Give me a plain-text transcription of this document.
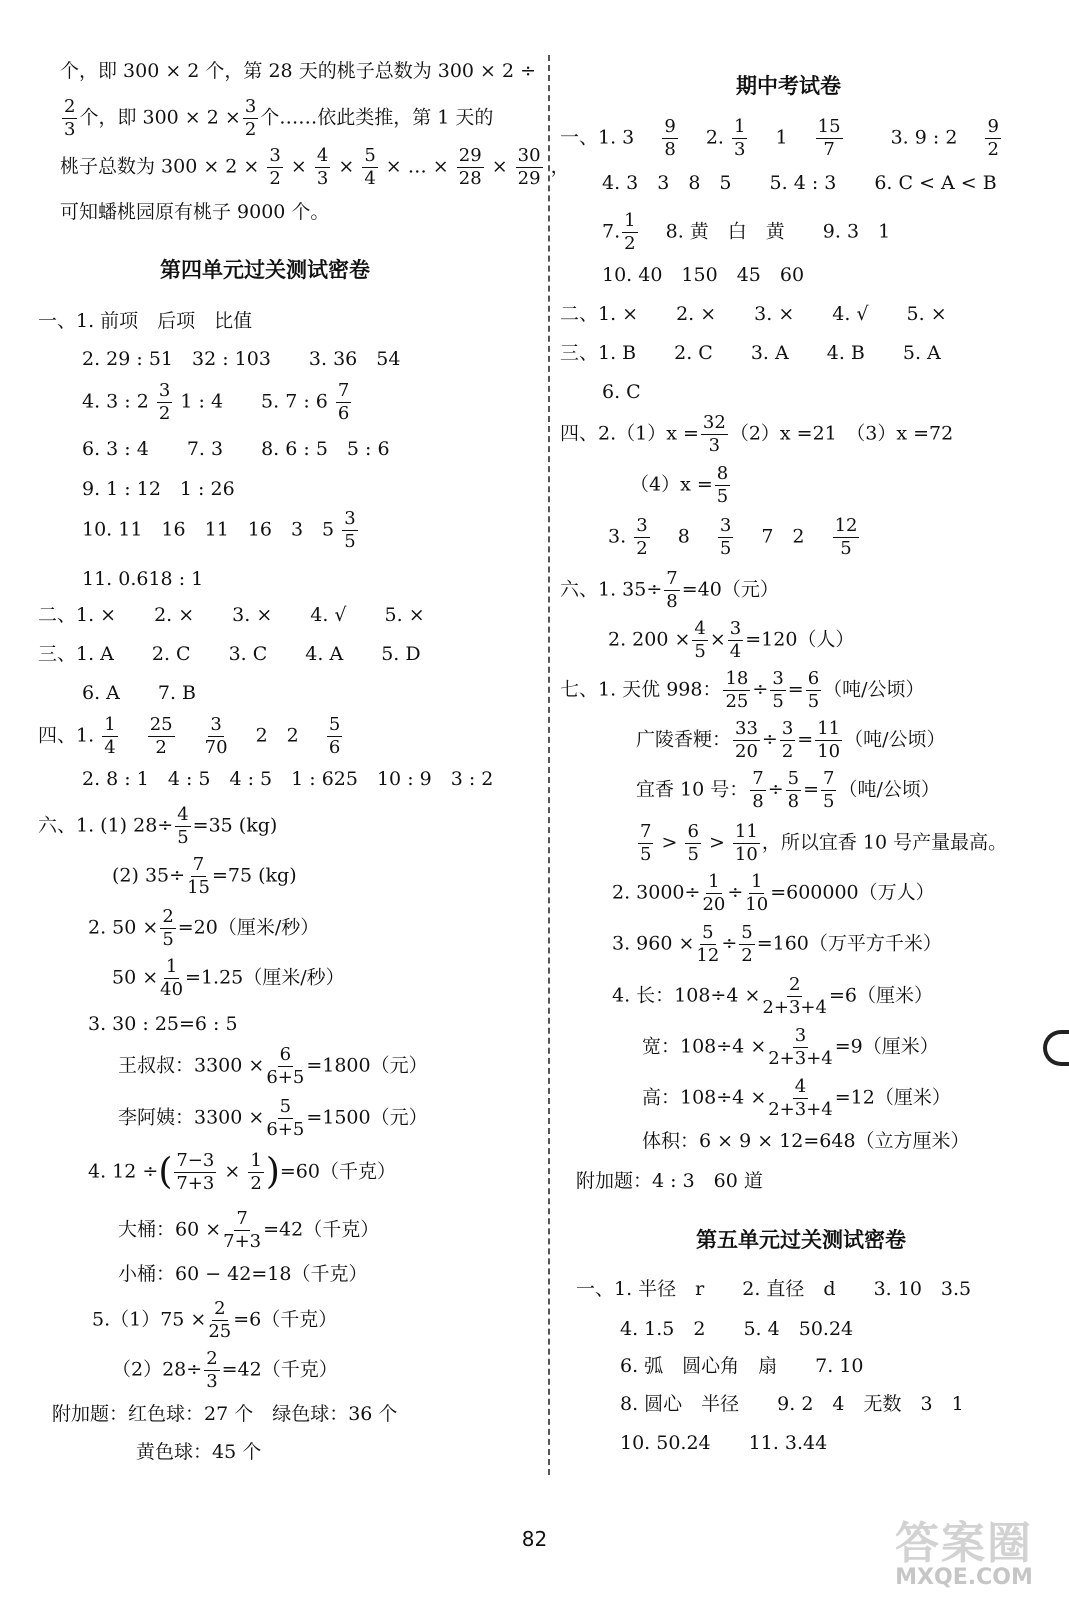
个，即 300 × 2 个，第 28 天的桃子总数为 300 × 2 ÷
$\frac{2}{3}$ 个，即 $300 \times 2 \times \frac{3}{2}$ 个……依此类推，第 1 天的
桃子总数为 $300 \times 2 \times \frac{3}{2} \times \frac{4}{3} \times \frac{5}{4}$ × … × $\frac{29}{28} \times \frac{30}{29}$ ，
可知蟠桃园原有桃子 9000 个。
第四单元过关测试密卷
一、1. 前项　后项　比值
2. 29 : 51　32 : 103　　3. 36　54
4. 3 : $2 \frac{3}{2} 1$ : 4　　5. 7 : $6 \frac{7}{6}$
6. 3 : 4　　7. 3　　8. 6 : 5　5 : 6
9. 1 : 12　1 : 26
10. 11　16　11　16　3　$5 \frac{3}{5}$
11. 0.618 : 1
二、1. ×　　2. ×　　3. ×　　4. √　　5. ×
三、1. A　　2. C　　3. C　　4. A　　5. D
6. A　　7. B
四、1. $\frac{1}{4}$
$\frac{25}{2}$
$\frac{3}{70} 2$　$2 \frac{5}{6}$
2. 8 : 1　4 : 5　4 : 5　1 : 625　10 : 9　3 : 2
六、1. (1) $28\div \frac{4}{5} =35$ (kg)
(2) $35\div \frac{7}{15} =75$ (kg)
2. $50 \times \frac{2}{5} =20$（厘米/秒）
$50 \times \frac{1}{40} =1.25$（厘米/秒）
3. 30 : 25=6 : 5
王叔叔：$3300 \times \frac{6}{6+5} =1800$（元）
李阿姨：$3300 \times \frac{5}{6+5} =1500$（元）
4. 12 ÷( $\frac{7-3}{7+3} \times \frac{1}{2} )=60$（千克）
大桶：$60 \times \frac{7}{7+3} =42$（千克）
小桶：60 − 42=18（千克）
$5.(1)75 \times \frac{2}{25} =6$（千克）
$(2)28\div \frac{2}{3} =42$（千克）
附加题：红色球：27 个　绿色球：36 个
黄色球：45 个
期中考试卷
一、1. $3 \frac{9}{8} 2$. $\frac{1}{3} 1 \frac{15}{7}$	3. 9 : $2 \frac{9}{2}$
4. 3　3　8　5　　5. 4 : 3　　6. C < A < B
7. $\frac{1}{2} 8$. 黄　白　黄　　9. 3　1
10. 40　150　45　60
二、1. ×　　2. ×　　3. ×　　4. √　　5. ×
三、1. B　　2. C　　3. A　　4. B　　5. A
6. C
四、$2.(1)x = \frac{32}{3} (2)x =21$　（3）x =72
$(4)x = \frac{8}{5}$
3. $\frac{3}{2} 8 \frac{3}{5} 7$　$2 \frac{12}{5}$
六、1. $35\div \frac{7}{8} =40$（元）
2. $200 \times \frac{4}{5} \times \frac{3}{4} =120$（人）
七、1. 天优 998： $\frac{18}{25} \div \frac{3}{5} = \frac{6}{5}$ （吨/公顷）
广陵香粳： $\frac{33}{20} \div \frac{3}{2} = \frac{11}{10}$ （吨/公顷）
宜香 10 号： $\frac{7}{8} \div \frac{5}{8} = \frac{7}{5}$ （吨/公顷）
$\frac{7}{5} > \frac{6}{5} > \frac{11}{10}$ ，所以宜香 10 号产量最高。
2. $3000\div \frac{1}{20} \div \frac{1}{10} =600000$（万人）
3. $960 \times \frac{5}{12} \div \frac{5}{2} =160$（万平方千米）
4. 长：$108\div 4 \times \frac{2}{2+3+4} =6$（厘米）
宽：$108\div 4 \times \frac{3}{2+3+4} =9$（厘米）
高：$108\div 4 \times \frac{4}{2+3+4} =12$（厘米）
体积：6 × 9 × 12=648（立方厘米）
附加题：4 : 3　60 道
第五单元过关测试密卷
一、1. 半径　r　　2. 直径　d　　3. 10　3.5
4. 1.5　2　　5. 4　50.24
6. 弧　圆心角　扇　　7. 10
8. 圆心　半径　　9. 2　4　无数　3　1
10. 50.24　　11. 3.44
82	答案圈
MXQE.COM
